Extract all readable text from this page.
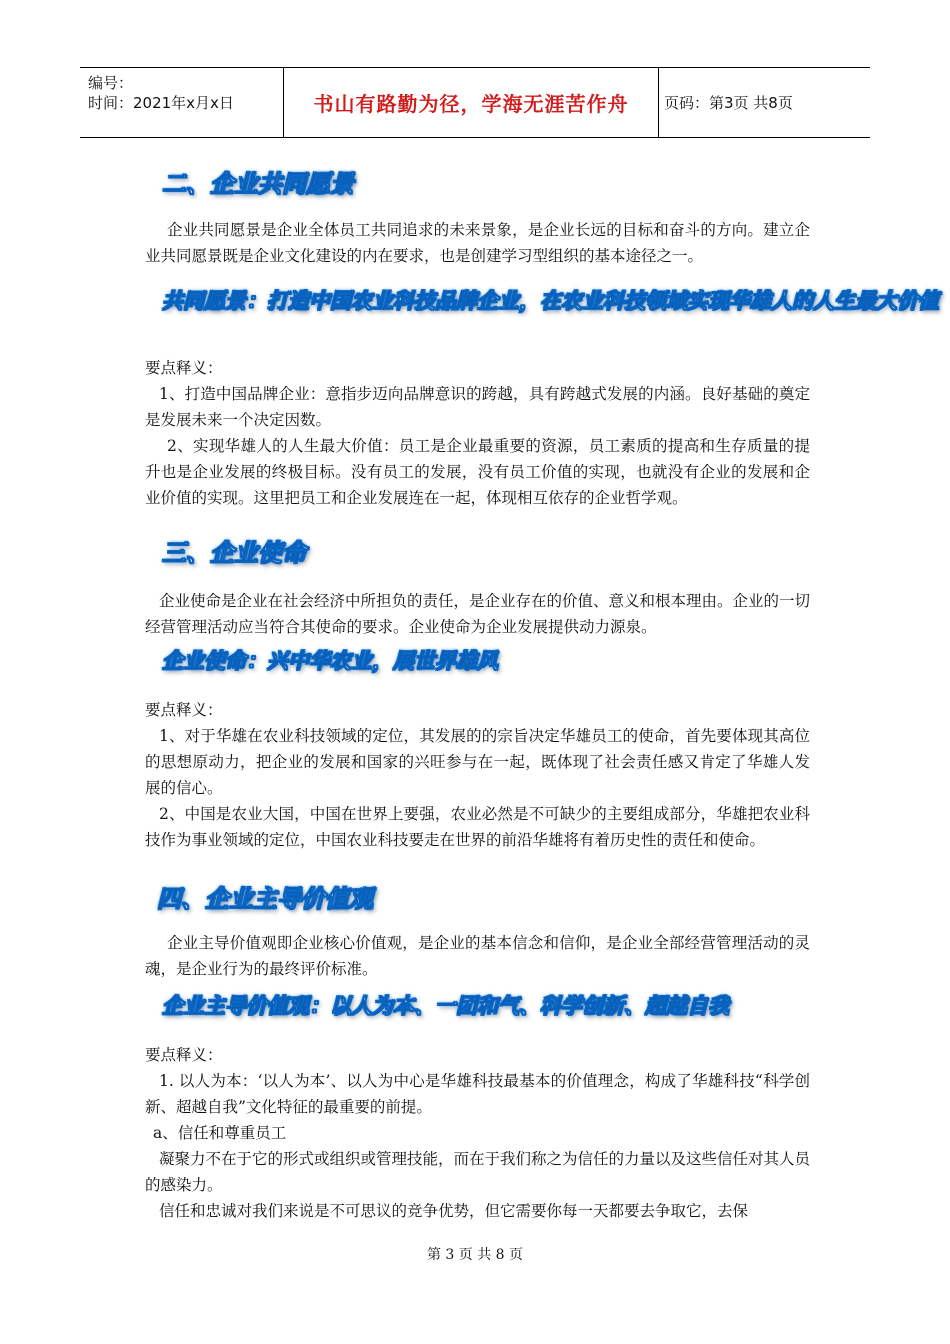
编号：
时间：2021年x月x日	书山有路勤为径，学海无涯苦作舟	页码：第3页 共8页
二、企业共同愿景

企业共同愿景是企业全体员工共同追求的未来景象，是企业长远的目标和奋斗的方向。建立企业共同愿景既是企业文化建设的内在要求，也是创建学习型组织的基本途径之一。

共同愿景：打造中国农业科技品牌企业，在农业科技领域实现华雄人的人生最大价值

要点释义：

1、打造中国品牌企业：意指步迈向品牌意识的跨越，具有跨越式发展的内涵。良好基础的奠定是发展未来一个决定因数。

2、实现华雄人的人生最大价值：员工是企业最重要的资源，员工素质的提高和生存质量的提升也是企业发展的终极目标。没有员工的发展，没有员工价值的实现，也就没有企业的发展和企业价值的实现。这里把员工和企业发展连在一起，体现相互依存的企业哲学观。

三、企业使命

企业使命是企业在社会经济中所担负的责任，是企业存在的价值、意义和根本理由。企业的一切经营管理活动应当符合其使命的要求。企业使命为企业发展提供动力源泉。

企业使命：兴中华农业，展世界雄风

要点释义：

1、对于华雄在农业科技领域的定位，其发展的的宗旨决定华雄员工的使命，首先要体现其高位的思想原动力，把企业的发展和国家的兴旺参与在一起，既体现了社会责任感又肯定了华雄人发展的信心。

2、中国是农业大国，中国在世界上要强，农业必然是不可缺少的主要组成部分，华雄把农业科技作为事业领域的定位，中国农业科技要走在世界的前沿华雄将有着历史性的责任和使命。

四、企业主导价值观

企业主导价值观即企业核心价值观，是企业的基本信念和信仰，是企业全部经营管理活动的灵魂，是企业行为的最终评价标准。

企业主导价值观：以人为本、一团和气、科学创新、超越自我

要点释义：

1. 以人为本：‘以人为本’、以人为中心是华雄科技最基本的价值理念，构成了华雄科技“科学创新、超越自我”文化特征的最重要的前提。

a、信任和尊重员工

凝聚力不在于它的形式或组织或管理技能，而在于我们称之为信任的力量以及这些信任对其人员的感染力。

信任和忠诚对我们来说是不可思议的竞争优势，但它需要你每一天都要去争取它，去保

第 3 页 共 8 页
